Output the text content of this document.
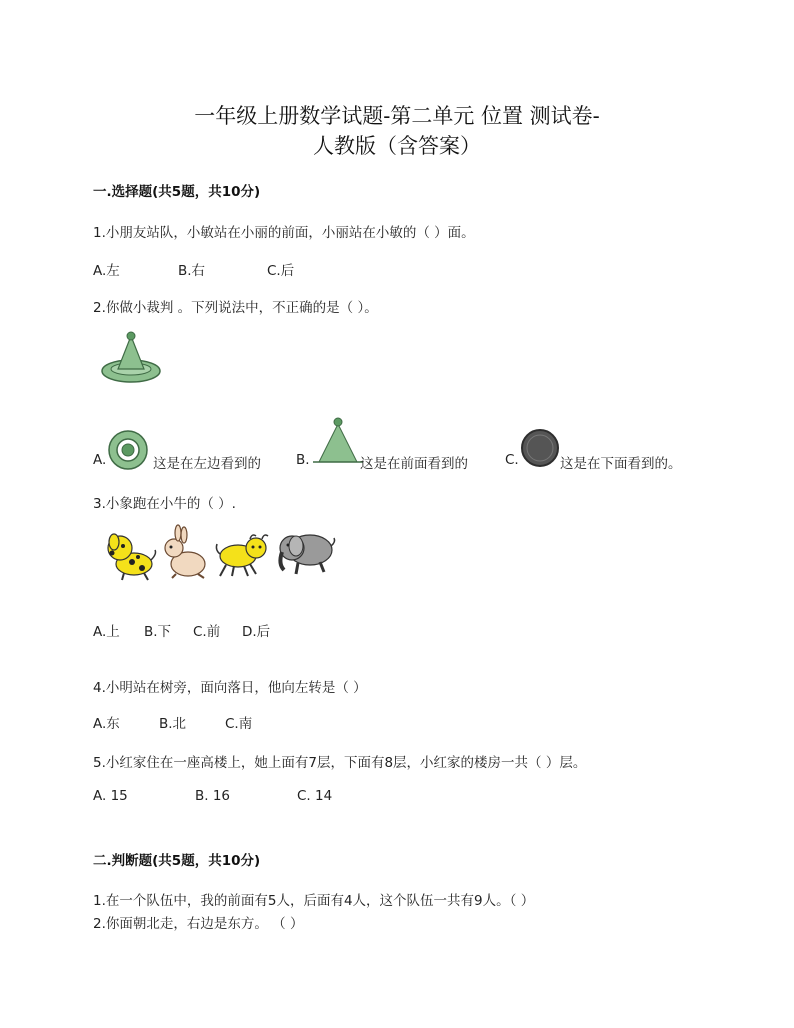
一年级上册数学试题-第二单元 位置 测试卷-
人教版（含答案）
一.选择题(共5题，共10分)
1.小朋友站队，小敏站在小丽的前面，小丽站在小敏的（ ）面。
A.左	B.右	C.后
2.你做小裁判 。下列说法中，不正确的是（ ）。
A.	这是在左边看到的	B.	这是在前面看到的	C.	这是在下面看到的。
3.小象跑在小牛的（ ）.
A.上 B.下 C.前 D.后
4.小明站在树旁，面向落日，他向左转是（ ）
A.东	B.北	C.南
5.小红家住在一座高楼上，她上面有7层，下面有8层，小红家的楼房一共（ ）层。
A. 15	B. 16	C. 14
二.判断题(共5题，共10分)
1.在一个队伍中，我的前面有5人，后面有4人，这个队伍一共有9人。（ ）
2.你面朝北走，右边是东方。 （ ）
